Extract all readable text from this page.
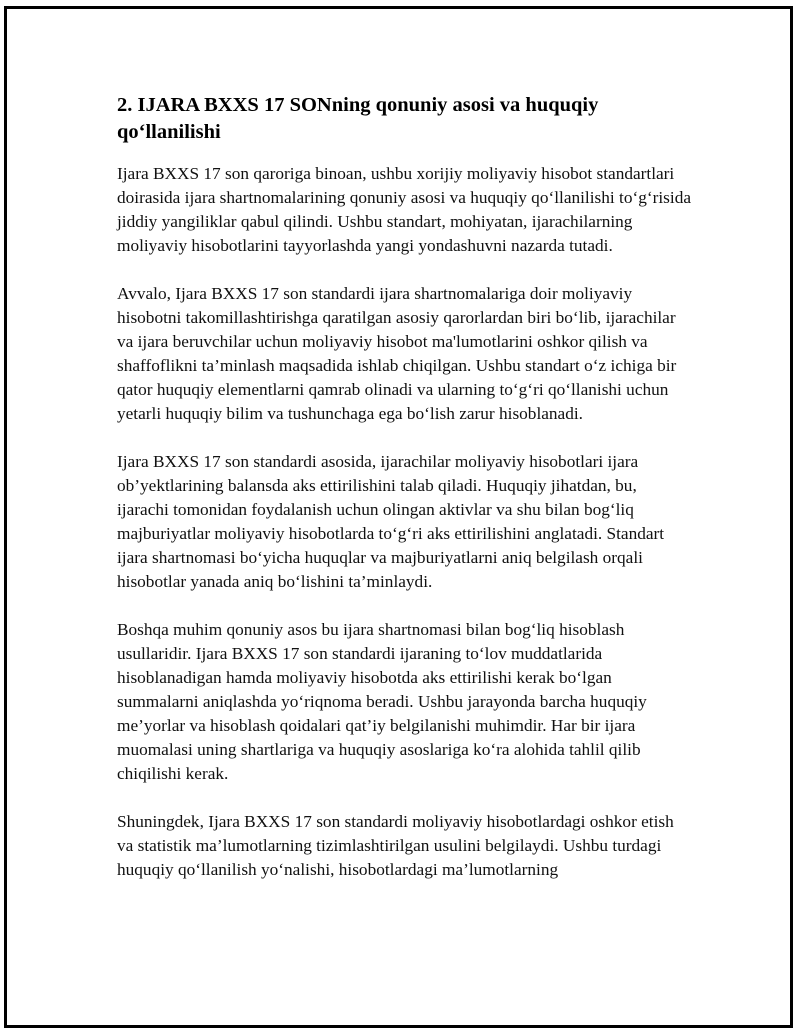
2. IJARA BXXS 17 SONning qonuniy asosi va huquqiy qo‘llanilishi

Ijara BXXS 17 son qaroriga binoan, ushbu xorijiy moliyaviy hisobot standartlari doirasida ijara shartnomalarining qonuniy asosi va huquqiy qo‘llanilishi to‘g‘risida jiddiy yangiliklar qabul qilindi. Ushbu standart, mohiyatan, ijarachilarning moliyaviy hisobotlarini tayyorlashda yangi yondashuvni nazarda tutadi.

Avvalo, Ijara BXXS 17 son standardi ijara shartnomalariga doir moliyaviy hisobotni takomillashtirishga qaratilgan asosiy qarorlardan biri bo‘lib, ijarachilar va ijara beruvchilar uchun moliyaviy hisobot ma'lumotlarini oshkor qilish va shaffoflikni ta’minlash maqsadida ishlab chiqilgan. Ushbu standart o‘z ichiga bir qator huquqiy elementlarni qamrab olinadi va ularning to‘g‘ri qo‘llanishi uchun yetarli huquqiy bilim va tushunchaga ega bo‘lish zarur hisoblanadi.

Ijara BXXS 17 son standardi asosida, ijarachilar moliyaviy hisobotlari ijara ob’yektlarining balansda aks ettirilishini talab qiladi. Huquqiy jihatdan, bu, ijarachi tomonidan foydalanish uchun olingan aktivlar va shu bilan bog‘liq majburiyatlar moliyaviy hisobotlarda to‘g‘ri aks ettirilishini anglatadi. Standart ijara shartnomasi bo‘yicha huquqlar va majburiyatlarni aniq belgilash orqali hisobotlar yanada aniq bo‘lishini ta’minlaydi.

Boshqa muhim qonuniy asos bu ijara shartnomasi bilan bog‘liq hisoblash usullaridir. Ijara BXXS 17 son standardi ijaraning to‘lov muddatlarida hisoblanadigan hamda moliyaviy hisobotda aks ettirilishi kerak bo‘lgan summalarni aniqlashda yo‘riqnoma beradi. Ushbu jarayonda barcha huquqiy me’yorlar va hisoblash qoidalari qat’iy belgilanishi muhimdir. Har bir ijara muomalasi uning shartlariga va huquqiy asoslariga ko‘ra alohida tahlil qilib chiqilishi kerak.

Shuningdek, Ijara BXXS 17 son standardi moliyaviy hisobotlardagi oshkor etish va statistik ma’lumotlarning tizimlashtirilgan usulini belgilaydi. Ushbu turdagi huquqiy qo‘llanilish yo‘nalishi, hisobotlardagi ma’lumotlarning
